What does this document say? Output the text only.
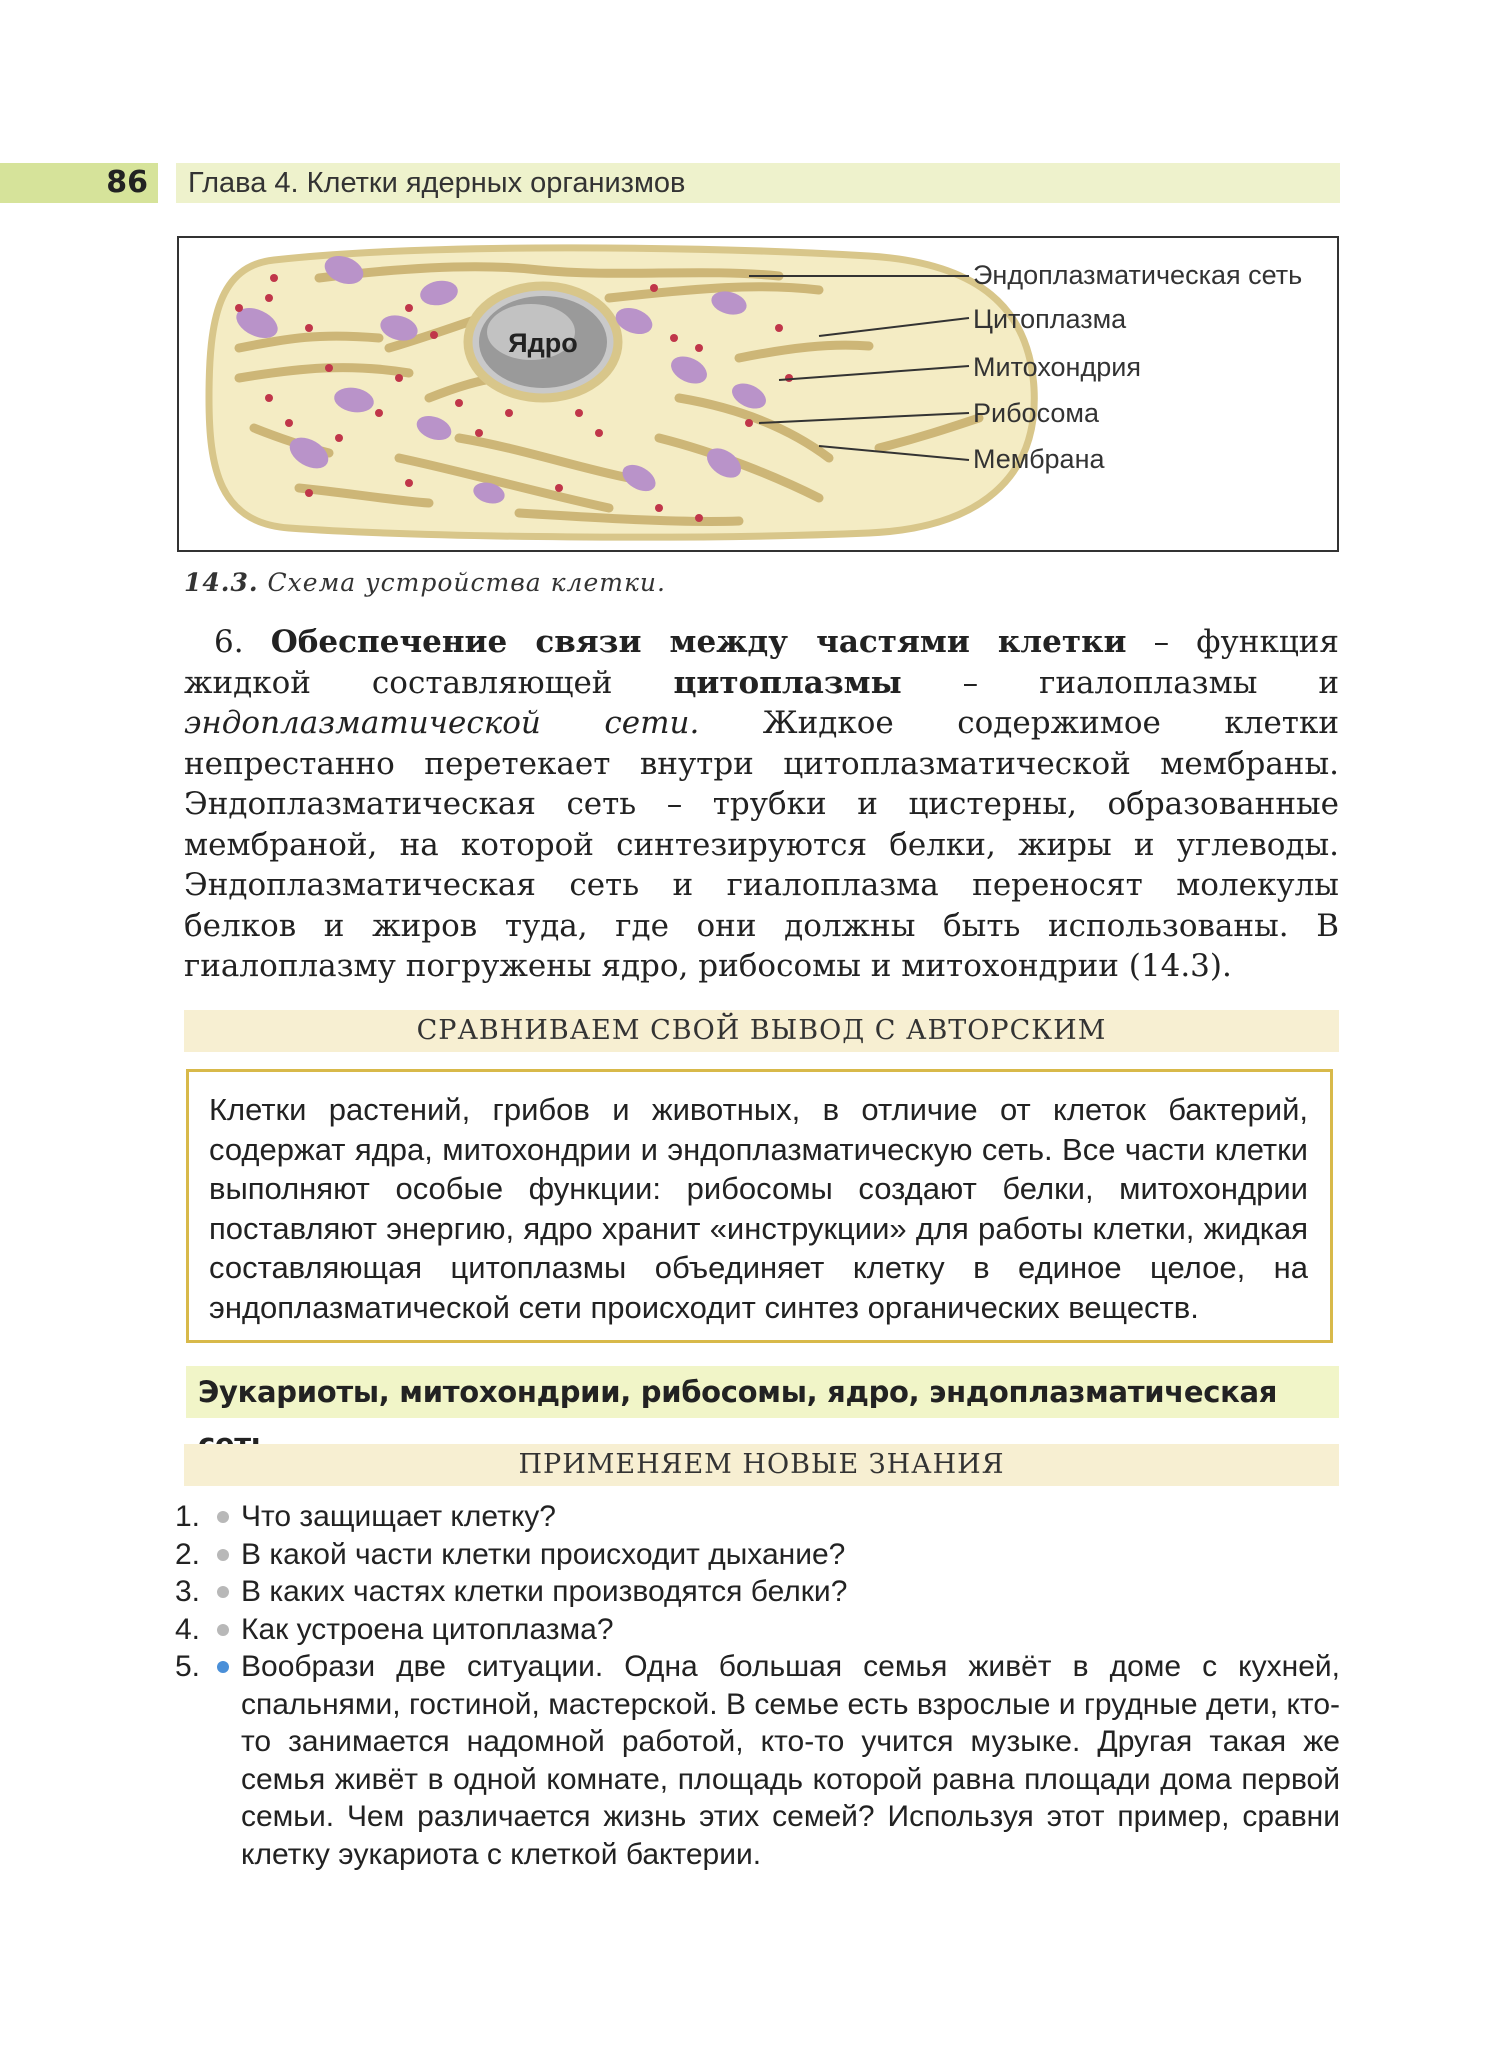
86	Глава 4. Клетки ядерных организмов
Ядро
Эндоплазматическая сеть
Цитоплазма
Митохондрия
Рибосома
Мембрана
14.3. Схема устройства клетки.
6. Обеспечение связи между частями клетки – функция жидкой составляющей цитоплазмы – гиалоплазмы и эндоплазматической сети. Жидкое содержимое клетки непрестанно перетекает внутри цитоплазматической мембраны. Эндоплазматическая сеть – трубки и цистерны, образованные мембраной, на которой синтезируются белки, жиры и углеводы. Эндоплазматическая сеть и гиалоплазма переносят молекулы белков и жиров туда, где они должны быть использованы. В гиалоплазму погружены ядро, рибосомы и митохондрии (14.3).
СРАВНИВАЕМ СВОЙ ВЫВОД С АВТОРСКИМ
Клетки растений, грибов и животных, в отличие от клеток бактерий, содержат ядра, митохондрии и эндоплазматическую сеть. Все части клетки выполняют особые функции: рибосомы создают белки, митохондрии поставляют энергию, ядро хранит «инструкции» для работы клетки, жидкая составляющая цитоплазмы объединяет клетку в единое целое, на эндоплазматической сети происходит синтез органических веществ.
Эукариоты, митохондрии, рибосомы, ядро, эндоплазматическая
ПРИМЕНЯЕМ НОВЫЕ ЗНАНИЯ
1.	Что защищает клетку?
2.	В какой части клетки происходит дыхание?
3.	В каких частях клетки производятся белки?
4.	Как устроена цитоплазма?
5.	Вообрази две ситуации. Одна большая семья живёт в доме с кухней, спальнями, гостиной, мастерской. В семье есть взрослые и грудные дети, кто-то занимается надомной работой, кто-то учится музыке. Другая такая же семья живёт в одной комнате, площадь которой равна площади дома первой семьи. Чем различается жизнь этих семей? Используя этот пример, сравни клетку эукариота с клеткой бактерии.
